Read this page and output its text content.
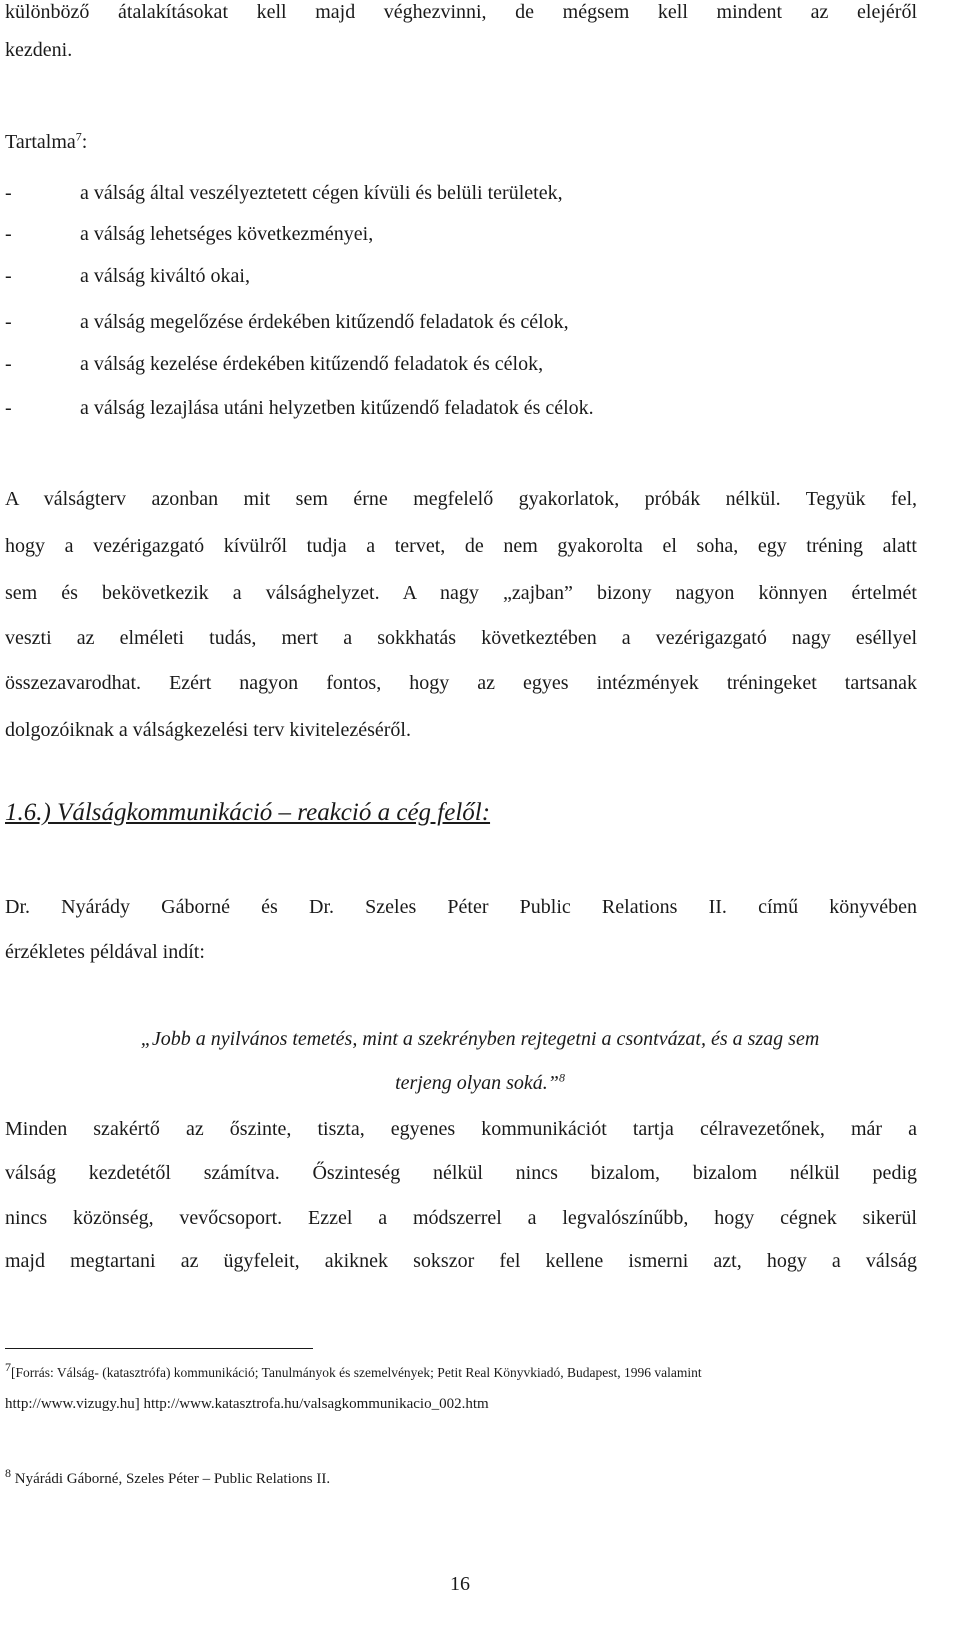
különböző átalakításokat kell majd véghezvinni, de mégsem kell mindent az elejéről
kezdeni.
Tartalma$^7$:
-	a válság által veszélyeztetett cégen kívüli és belüli területek,
-	a válság lehetséges következményei,
-	a válság kiváltó okai,
-	a válság megelőzése érdekében kitűzendő feladatok és célok,
-	a válság kezelése érdekében kitűzendő feladatok és célok,
-	a válság lezajlása utáni helyzetben kitűzendő feladatok és célok.
A válságterv azonban mit sem érne megfelelő gyakorlatok, próbák nélkül. Tegyük fel,
hogy a vezérigazgató kívülről tudja a tervet, de nem gyakorolta el soha, egy tréning alatt
sem és bekövetkezik a válsághelyzet. A nagy „zajban” bizony nagyon könnyen értelmét
veszti az elméleti tudás, mert a sokkhatás következtében a vezérigazgató nagy eséllyel
összezavarodhat. Ezért nagyon fontos, hogy az egyes intézmények tréningeket tartsanak
dolgozóiknak a válságkezelési terv kivitelezéséről.
1.6.) Válságkommunikáció – reakció a cég felől:
Dr. Nyárády Gáborné és Dr. Szeles Péter Public Relations II. című könyvében
érzékletes példával indít:
„Jobb a nyilvános temetés, mint a szekrényben rejtegetni a csontvázat, és a szag sem
terjeng olyan soká.”$^8$
Minden szakértő az őszinte, tiszta, egyenes kommunikációt tartja célravezetőnek, már a
válság kezdetétől számítva. Őszinteség nélkül nincs bizalom, bizalom nélkül pedig
nincs közönség, vevőcsoport. Ezzel a módszerrel a legvalószínűbb, hogy cégnek sikerül
majd megtartani az ügyfeleit, akiknek sokszor fel kellene ismerni azt, hogy a válság
$^7$[Forrás: Válság- (katasztrófa) kommunikáció; Tanulmányok és szemelvények; Petit Real Könyvkiadó, Budapest, 1996 valamint
http://www.vizugy.hu] http://www.katasztrofa.hu/valsagkommunikacio_002.htm
$^8$ Nyárádi Gáborné, Szeles Péter – Public Relations II.
16
